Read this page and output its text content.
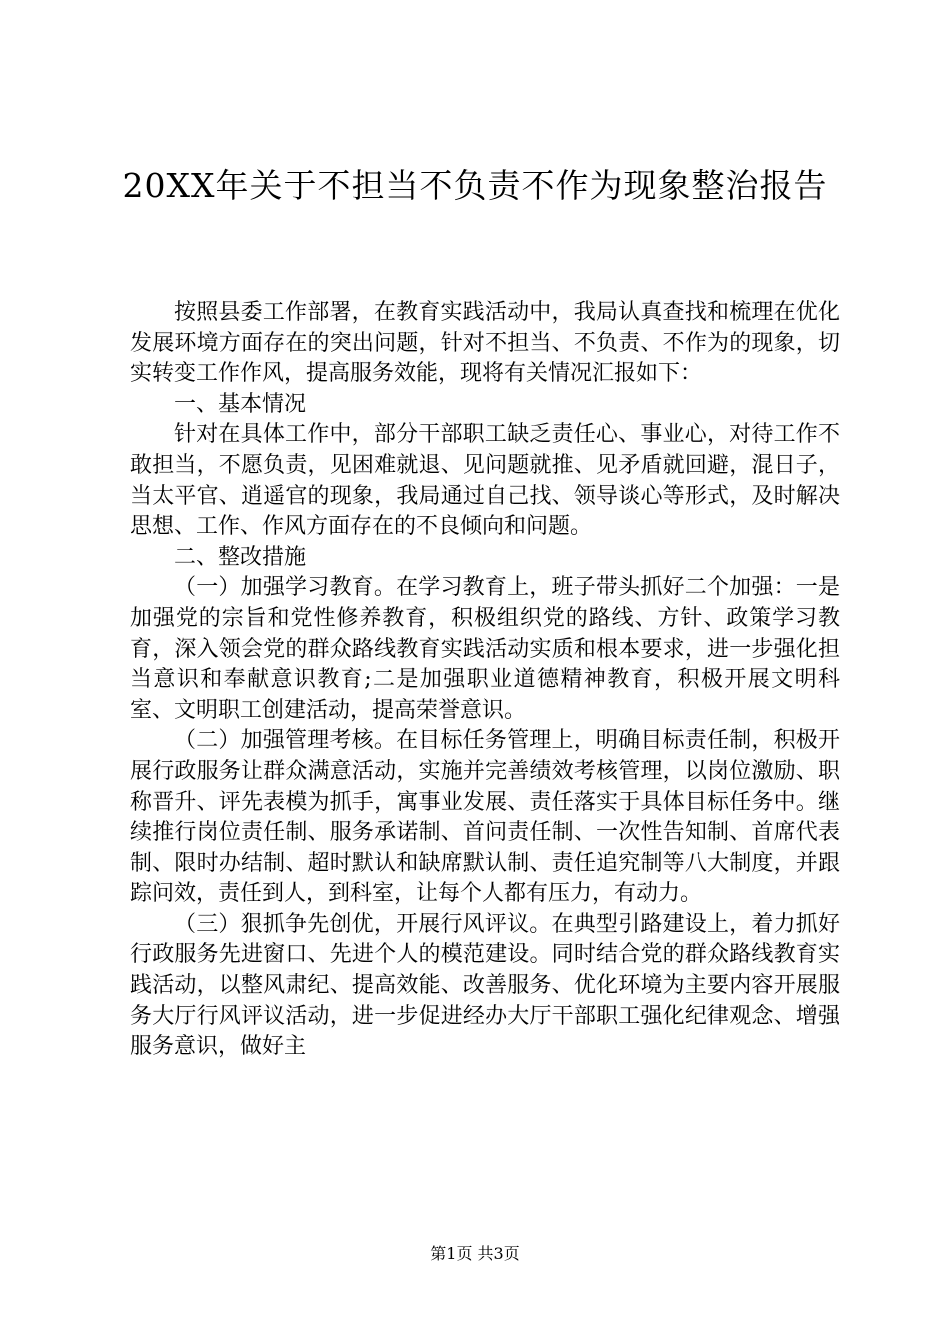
20XX年关于不担当不负责不作为现象整治报告

按照县委工作部署，在教育实践活动中，我局认真查找和梳理在优化发展环境方面存在的突出问题，针对不担当、不负责、不作为的现象，切实转变工作作风，提高服务效能，现将有关情况汇报如下：

一、基本情况

针对在具体工作中，部分干部职工缺乏责任心、事业心，对待工作不敢担当，不愿负责，见困难就退、见问题就推、见矛盾就回避，混日子，当太平官、逍遥官的现象，我局通过自己找、领导谈心等形式，及时解决思想、工作、作风方面存在的不良倾向和问题。

二、整改措施

（一）加强学习教育。在学习教育上，班子带头抓好二个加强：一是加强党的宗旨和党性修养教育，积极组织党的路线、方针、政策学习教育，深入领会党的群众路线教育实践活动实质和根本要求，进一步强化担当意识和奉献意识教育;二是加强职业道德精神教育，积极开展文明科室、文明职工创建活动，提高荣誉意识。

（二）加强管理考核。在目标任务管理上，明确目标责任制，积极开展行政服务让群众满意活动，实施并完善绩效考核管理，以岗位激励、职称晋升、评先表模为抓手，寓事业发展、责任落实于具体目标任务中。继续推行岗位责任制、服务承诺制、首问责任制、一次性告知制、首席代表制、限时办结制、超时默认和缺席默认制、责任追究制等八大制度，并跟踪问效，责任到人，到科室，让每个人都有压力，有动力。

（三）狠抓争先创优，开展行风评议。在典型引路建设上，着力抓好行政服务先进窗口、先进个人的模范建设。同时结合党的群众路线教育实践活动，以整风肃纪、提高效能、改善服务、优化环境为主要内容开展服务大厅行风评议活动，进一步促进经办大厅干部职工强化纪律观念、增强服务意识，做好主

第1页 共3页
